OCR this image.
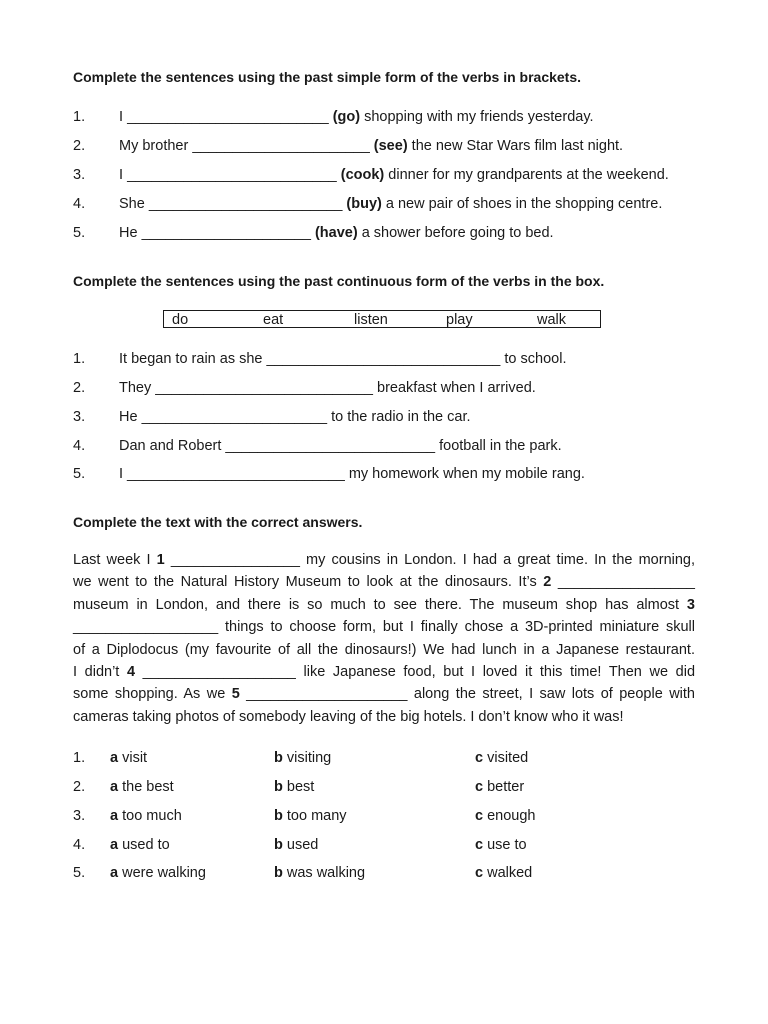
Complete the sentences using the past simple form of the verbs in brackets.
1. I _________________________ (go) shopping with my friends yesterday.
2. My brother ______________________ (see) the new Star Wars film last night.
3. I __________________________ (cook) dinner for my grandparents at the weekend.
4. She ________________________ (buy) a new pair of shoes in the shopping centre.
5. He _____________________ (have) a shower before going to bed.
Complete the sentences using the past continuous form of the verbs in the box.
do	eat	listen	play	walk
1. It began to rain as she _____________________________ to school.
2. They ___________________________ breakfast when I arrived.
3. He _______________________ to the radio in the car.
4. Dan and Robert __________________________ football in the park.
5. I ___________________________ my homework when my mobile rang.
Complete the text with the correct answers.
Last week I 1 ________________ my cousins in London. I had a great time. In the morning,
we went to the Natural History Museum to look at the dinosaurs. It’s 2 _________________
museum in London, and there is so much to see there. The museum shop has almost 3
__________________ things to choose form, but I finally chose a 3D-printed miniature skull
of a Diplodocus (my favourite of all the dinosaurs!) We had lunch in a Japanese restaurant.
I didn’t 4 ___________________ like Japanese food, but I loved it this time! Then we did
some shopping. As we 5 ____________________ along the street, I saw lots of people with
cameras taking photos of somebody leaving of the big hotels. I don’t know who it was!
1. a visit	b visiting	c visited
2. a the best	b best	c better
3. a too much	b too many	c enough
4. a used to	b used	c use to
5. a were walking	b was walking	c walked
